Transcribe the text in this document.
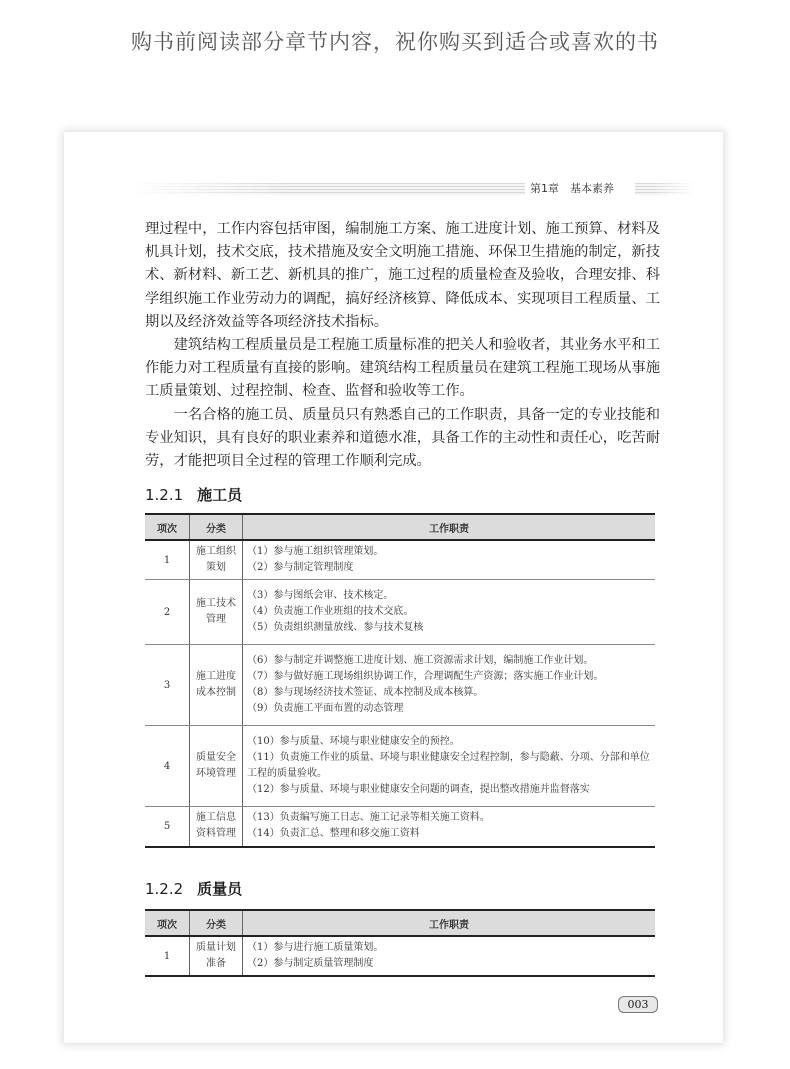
购书前阅读部分章节内容，祝你购买到适合或喜欢的书
第1章　基本素养

理过程中，工作内容包括审图，编制施工方案、施工进度计划、施工预算、材料及机具计划，技术交底，技术措施及安全文明施工措施、环保卫生措施的制定，新技术、新材料、新工艺、新机具的推广，施工过程的质量检查及验收，合理安排、科学组织施工作业劳动力的调配，搞好经济核算、降低成本、实现项目工程质量、工期以及经济效益等各项经济技术指标。

建筑结构工程质量员是工程施工质量标准的把关人和验收者，其业务水平和工作能力对工程质量有直接的影响。建筑结构工程质量员在建筑工程施工现场从事施工质量策划、过程控制、检查、监督和验收等工作。

一名合格的施工员、质量员只有熟悉自己的工作职责，具备一定的专业技能和专业知识，具有良好的职业素养和道德水准，具备工作的主动性和责任心，吃苦耐劳，才能把项目全过程的管理工作顺利完成。

1.2.1 施工员
项次	分类	工作职责
1	施工组织策划	（1）参与施工组织管理策划。
（2）参与制定管理制度

2	施工技术管理	（3）参与图纸会审、技术核定。
（4）负责施工作业班组的技术交底。
（5）负责组织测量放线、参与技术复核

3	施工进度成本控制	（6）参与制定并调整施工进度计划、施工资源需求计划，编制施工作业计划。
（7）参与做好施工现场组织协调工作，合理调配生产资源；落实施工作业计划。
（8）参与现场经济技术签证、成本控制及成本核算。
（9）负责施工平面布置的动态管理

4	质量安全环境管理	（10）参与质量、环境与职业健康安全的预控。
（11）负责施工作业的质量、环境与职业健康安全过程控制，参与隐蔽、分项、分部和单位工程的质量验收。
（12）参与质量、环境与职业健康安全问题的调查，提出整改措施并监督落实

5	施工信息资料管理	（13）负责编写施工日志、施工记录等相关施工资料。
（14）负责汇总、整理和移交施工资料
1.2.2 质量员
项次	分类	工作职责
1	质量计划准备	（1）参与进行施工质量策划。
（2）参与制定质量管理制度
003
